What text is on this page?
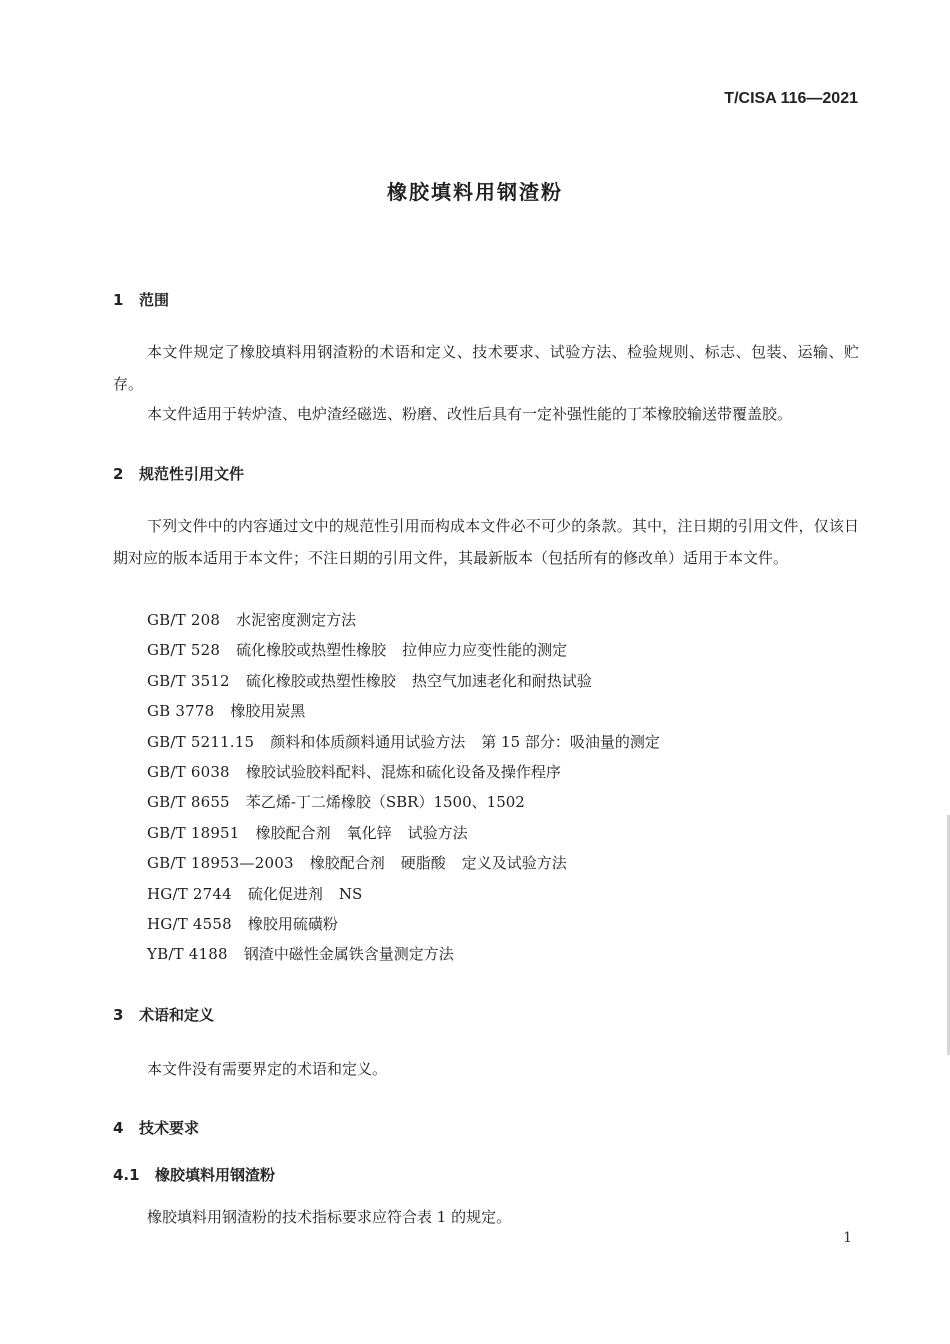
T/CISA 116—2021
橡胶填料用钢渣粉
1 范围

本文件规定了橡胶填料用钢渣粉的术语和定义、技术要求、试验方法、检验规则、标志、包装、运输、贮存。

本文件适用于转炉渣、电炉渣经磁选、粉磨、改性后具有一定补强性能的丁苯橡胶输送带覆盖胶。

2 规范性引用文件

下列文件中的内容通过文中的规范性引用而构成本文件必不可少的条款。其中，注日期的引用文件，仅该日期对应的版本适用于本文件；不注日期的引用文件，其最新版本（包括所有的修改单）适用于本文件。

GB/T 208 水泥密度测定方法
GB/T 528 硫化橡胶或热塑性橡胶 拉伸应力应变性能的测定
GB/T 3512 硫化橡胶或热塑性橡胶 热空气加速老化和耐热试验
GB 3778 橡胶用炭黑
GB/T 5211.15 颜料和体质颜料通用试验方法 第 15 部分：吸油量的测定
GB/T 6038 橡胶试验胶料配料、混炼和硫化设备及操作程序
GB/T 8655 苯乙烯-丁二烯橡胶（SBR）1500、1502
GB/T 18951 橡胶配合剂 氧化锌 试验方法
GB/T 18953—2003 橡胶配合剂 硬脂酸 定义及试验方法
HG/T 2744 硫化促进剂 NS
HG/T 4558 橡胶用硫磺粉
YB/T 4188 钢渣中磁性金属铁含量测定方法
3 术语和定义

本文件没有需要界定的术语和定义。

4 技术要求
4.1 橡胶填料用钢渣粉

橡胶填料用钢渣粉的技术指标要求应符合表 1 的规定。

1
